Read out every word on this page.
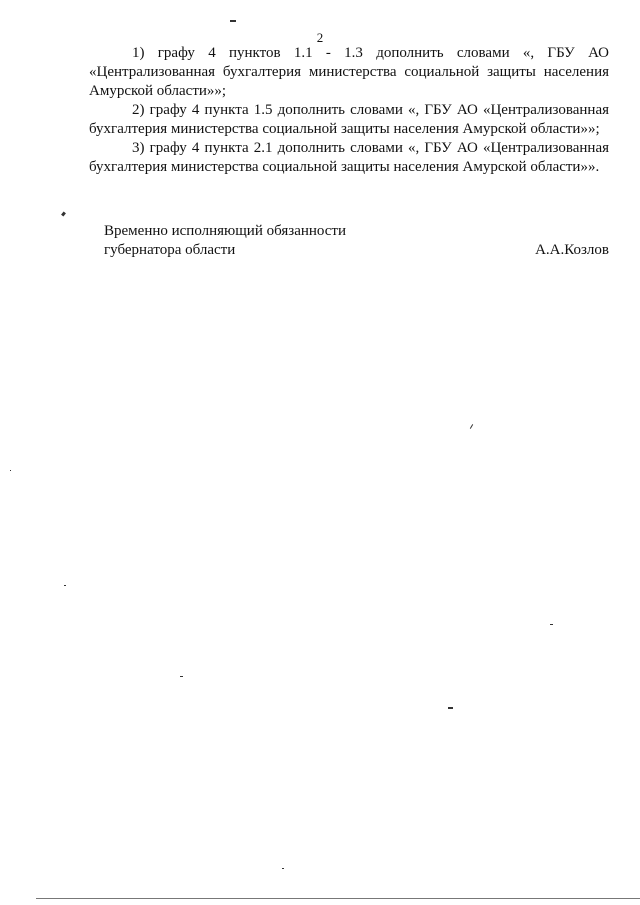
2

1) графу 4 пунктов 1.1 - 1.3 дополнить словами «, ГБУ АО «Централизованная бухгалтерия министерства социальной защиты населения Амурской области»»;

2) графу 4 пункта 1.5 дополнить словами «, ГБУ АО «Централизованная бухгалтерия министерства социальной защиты населения Амурской области»»;

3) графу 4 пункта 2.1 дополнить словами «, ГБУ АО «Централизованная бухгалтерия министерства социальной защиты населения Амурской области»».

Временно исполняющий обязанности
губернатора области	А.А.Козлов
